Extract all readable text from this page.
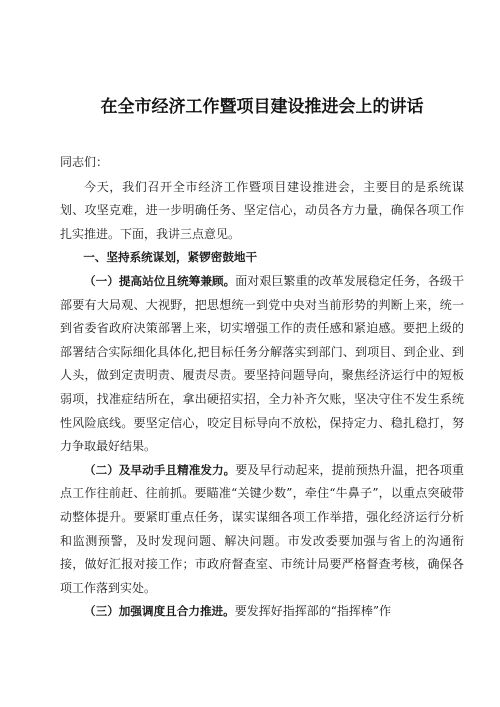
在全市经济工作暨项目建设推进会上的讲话

同志们：

今天，我们召开全市经济工作暨项目建设推进会，主要目的是系统谋划、攻坚克难，进一步明确任务、坚定信心，动员各方力量，确保各项工作扎实推进。下面，我讲三点意见。

一、坚持系统谋划，紧锣密鼓地干

（一）提高站位且统筹兼顾。面对艰巨繁重的改革发展稳定任务，各级干部要有大局观、大视野，把思想统一到党中央对当前形势的判断上来，统一到省委省政府决策部署上来，切实增强工作的责任感和紧迫感。要把上级的部署结合实际细化具体化,把目标任务分解落实到部门、到项目、到企业、到人头，做到定责明责、履责尽责。要坚持问题导向，聚焦经济运行中的短板弱项，找准症结所在，拿出硬招实招，全力补齐欠账，坚决守住不发生系统性风险底线。要坚定信心，咬定目标导向不放松，保持定力、稳扎稳打，努力争取最好结果。

（二）及早动手且精准发力。要及早行动起来，提前预热升温，把各项重点工作往前赶、往前抓。要瞄准“关键少数”，牵住“牛鼻子”，以重点突破带动整体提升。要紧盯重点任务，谋实谋细各项工作举措，强化经济运行分析和监测预警，及时发现问题、解决问题。市发改委要加强与省上的沟通衔接，做好汇报对接工作；市政府督查室、市统计局要严格督查考核，确保各项工作落到实处。

（三）加强调度且合力推进。要发挥好指挥部的“指挥棒”作
